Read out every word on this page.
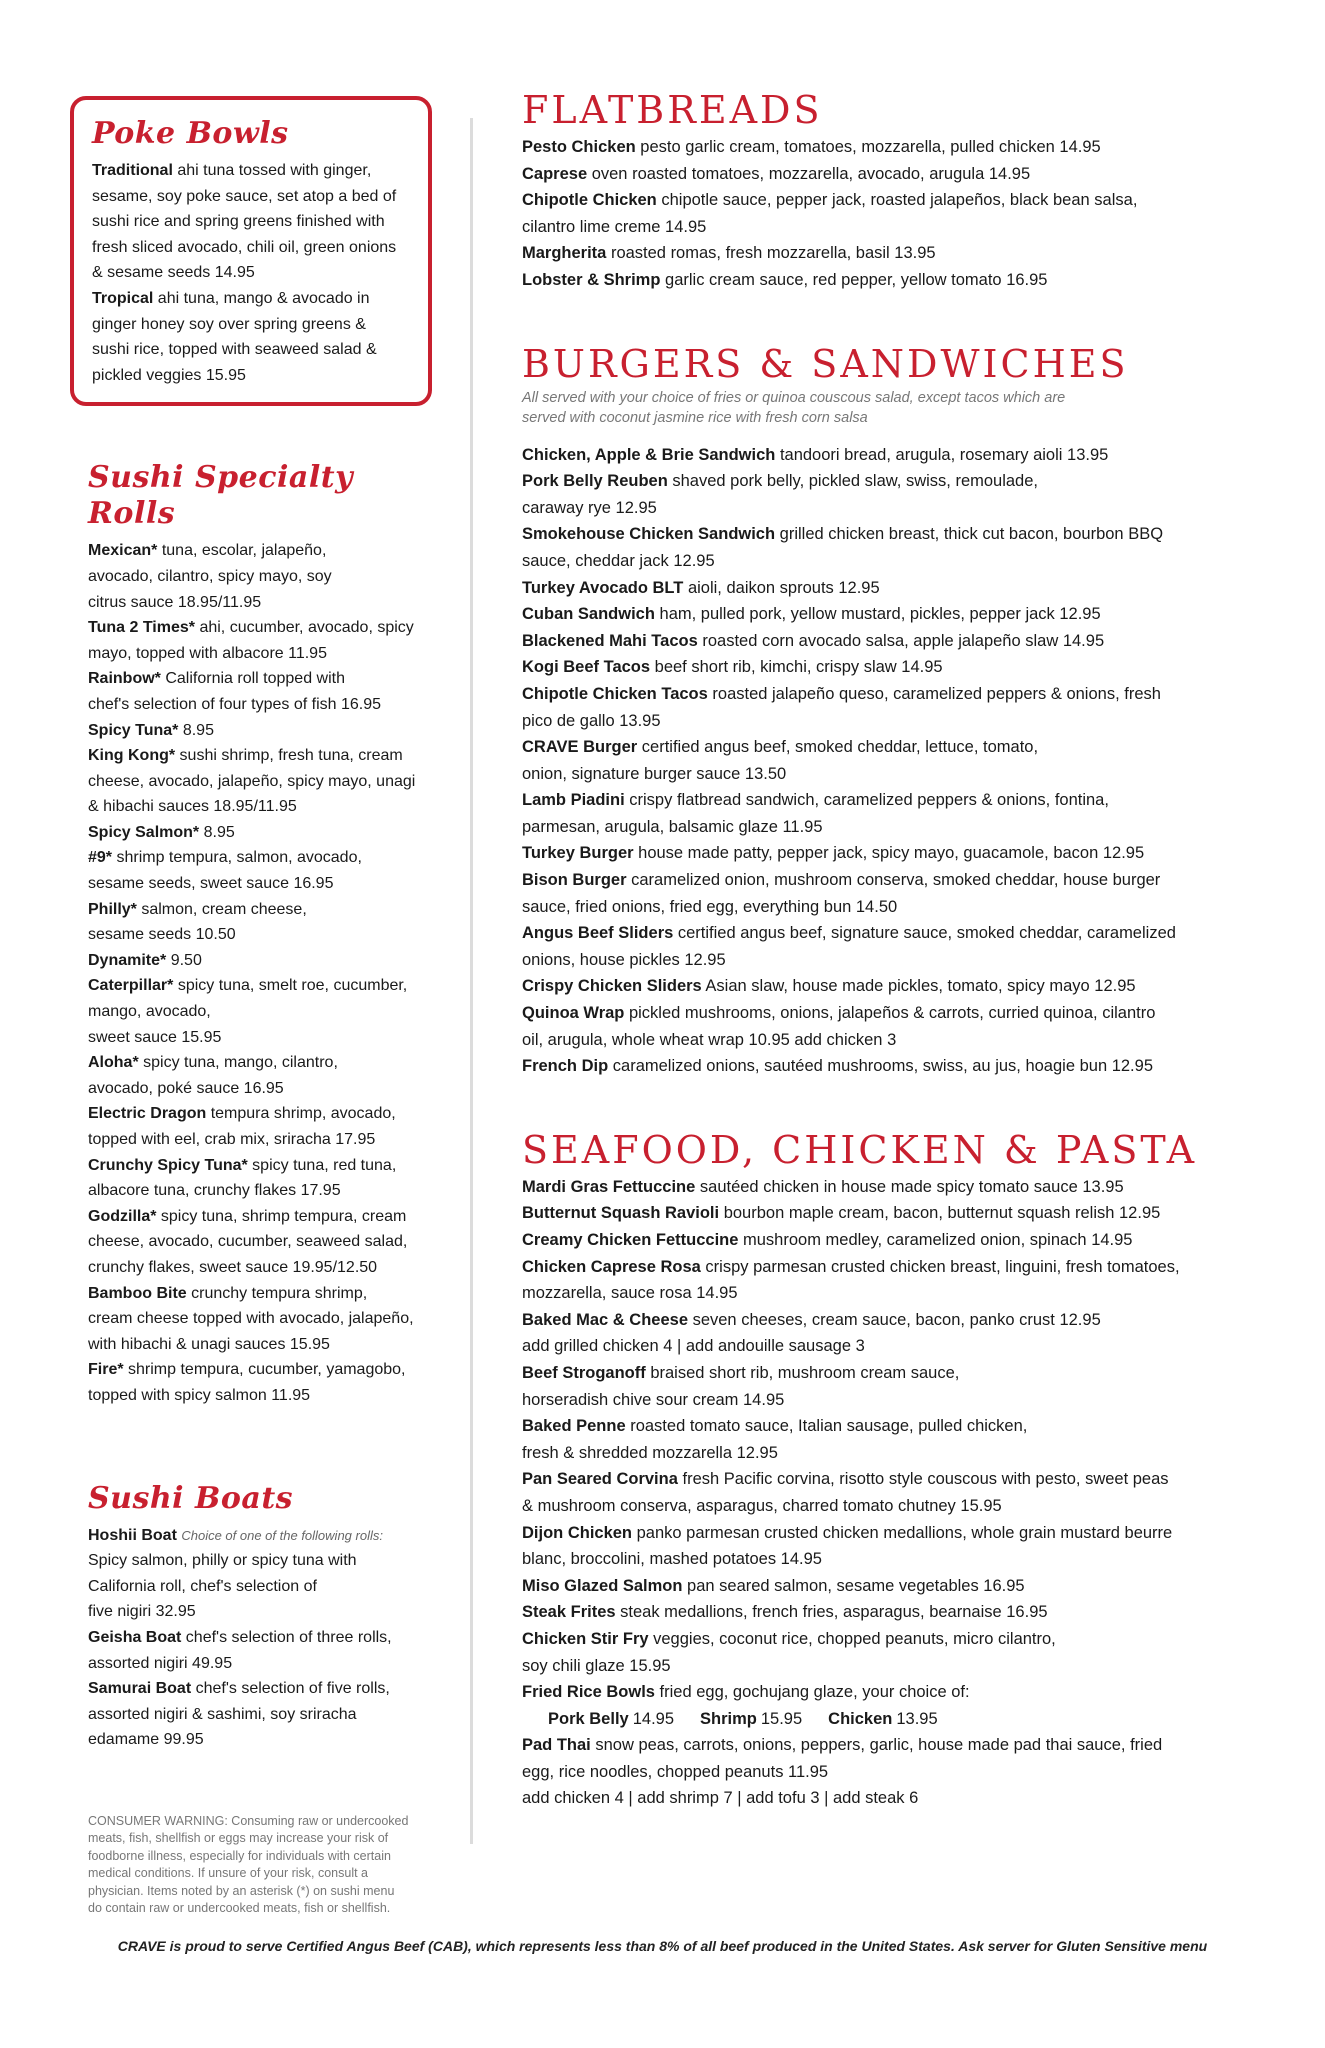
Poke Bowls

Traditional ahi tuna tossed with ginger,

sesame, soy poke sauce, set atop a bed of

sushi rice and spring greens finished with

fresh sliced avocado, chili oil, green onions

& sesame seeds 14.95

Tropical ahi tuna, mango & avocado in

ginger honey soy over spring greens &

sushi rice, topped with seaweed salad &

pickled veggies 15.95

Sushi Specialty Rolls

Mexican* tuna, escolar, jalapeño,

avocado, cilantro, spicy mayo, soy

citrus sauce 18.95/11.95

Tuna 2 Times* ahi, cucumber, avocado, spicy

mayo, topped with albacore 11.95

Rainbow* California roll topped with

chef's selection of four types of fish 16.95

Spicy Tuna* 8.95

King Kong* sushi shrimp, fresh tuna, cream

cheese, avocado, jalapeño, spicy mayo, unagi

& hibachi sauces 18.95/11.95

Spicy Salmon* 8.95

#9* shrimp tempura, salmon, avocado,

sesame seeds, sweet sauce 16.95

Philly* salmon, cream cheese,

sesame seeds 10.50

Dynamite* 9.50

Caterpillar* spicy tuna, smelt roe, cucumber,

mango, avocado,

sweet sauce 15.95

Aloha* spicy tuna, mango, cilantro,

avocado, poké sauce 16.95

Electric Dragon tempura shrimp, avocado,

topped with eel, crab mix, sriracha 17.95

Crunchy Spicy Tuna* spicy tuna, red tuna,

albacore tuna, crunchy flakes 17.95

Godzilla* spicy tuna, shrimp tempura, cream

cheese, avocado, cucumber, seaweed salad,

crunchy flakes, sweet sauce 19.95/12.50

Bamboo Bite crunchy tempura shrimp,

cream cheese topped with avocado, jalapeño,

with hibachi & unagi sauces 15.95

Fire* shrimp tempura, cucumber, yamagobo,

topped with spicy salmon 11.95

Sushi Boats

Hoshii Boat Choice of one of the following rolls:

Spicy salmon, philly or spicy tuna with

California roll, chef's selection of

five nigiri 32.95

Geisha Boat chef's selection of three rolls,

assorted nigiri 49.95

Samurai Boat chef's selection of five rolls,

assorted nigiri & sashimi, soy sriracha

edamame 99.95

CONSUMER WARNING: Consuming raw or undercooked
meats, fish, shellfish or eggs may increase your risk of
foodborne illness, especially for individuals with certain
medical conditions. If unsure of your risk, consult a
physician. Items noted by an asterisk (*) on sushi menu
do contain raw or undercooked meats, fish or shellfish.
FLATBREADS

Pesto Chicken pesto garlic cream, tomatoes, mozzarella, pulled chicken 14.95

Caprese oven roasted tomatoes, mozzarella, avocado, arugula 14.95

Chipotle Chicken chipotle sauce, pepper jack, roasted jalapeños, black bean salsa,

cilantro lime creme 14.95

Margherita roasted romas, fresh mozzarella, basil 13.95

Lobster & Shrimp garlic cream sauce, red pepper, yellow tomato 16.95

BURGERS & SANDWICHES
All served with your choice of fries or quinoa couscous salad, except tacos which are
served with coconut jasmine rice with fresh corn salsa

Chicken, Apple & Brie Sandwich tandoori bread, arugula, rosemary aioli 13.95

Pork Belly Reuben shaved pork belly, pickled slaw, swiss, remoulade,

caraway rye 12.95

Smokehouse Chicken Sandwich grilled chicken breast, thick cut bacon, bourbon BBQ

sauce, cheddar jack 12.95

Turkey Avocado BLT aioli, daikon sprouts 12.95

Cuban Sandwich ham, pulled pork, yellow mustard, pickles, pepper jack 12.95

Blackened Mahi Tacos roasted corn avocado salsa, apple jalapeño slaw 14.95

Kogi Beef Tacos beef short rib, kimchi, crispy slaw 14.95

Chipotle Chicken Tacos roasted jalapeño queso, caramelized peppers & onions, fresh

pico de gallo 13.95

CRAVE Burger certified angus beef, smoked cheddar, lettuce, tomato,

onion, signature burger sauce 13.50

Lamb Piadini crispy flatbread sandwich, caramelized peppers & onions, fontina,

parmesan, arugula, balsamic glaze 11.95

Turkey Burger house made patty, pepper jack, spicy mayo, guacamole, bacon 12.95

Bison Burger caramelized onion, mushroom conserva, smoked cheddar, house burger

sauce, fried onions, fried egg, everything bun 14.50

Angus Beef Sliders certified angus beef, signature sauce, smoked cheddar, caramelized

onions, house pickles 12.95

Crispy Chicken Sliders Asian slaw, house made pickles, tomato, spicy mayo 12.95

Quinoa Wrap pickled mushrooms, onions, jalapeños & carrots, curried quinoa, cilantro

oil, arugula, whole wheat wrap 10.95 add chicken 3

French Dip caramelized onions, sautéed mushrooms, swiss, au jus, hoagie bun 12.95

SEAFOOD, CHICKEN & PASTA

Mardi Gras Fettuccine sautéed chicken in house made spicy tomato sauce 13.95

Butternut Squash Ravioli bourbon maple cream, bacon, butternut squash relish 12.95

Creamy Chicken Fettuccine mushroom medley, caramelized onion, spinach 14.95

Chicken Caprese Rosa crispy parmesan crusted chicken breast, linguini, fresh tomatoes,

mozzarella, sauce rosa 14.95

Baked Mac & Cheese seven cheeses, cream sauce, bacon, panko crust 12.95

add grilled chicken 4 | add andouille sausage 3

Beef Stroganoff braised short rib, mushroom cream sauce,

horseradish chive sour cream 14.95

Baked Penne roasted tomato sauce, Italian sausage, pulled chicken,

fresh & shredded mozzarella 12.95

Pan Seared Corvina fresh Pacific corvina, risotto style couscous with pesto, sweet peas

& mushroom conserva, asparagus, charred tomato chutney 15.95

Dijon Chicken panko parmesan crusted chicken medallions, whole grain mustard beurre

blanc, broccolini, mashed potatoes 14.95

Miso Glazed Salmon pan seared salmon, sesame vegetables 16.95

Steak Frites steak medallions, french fries, asparagus, bearnaise 16.95

Chicken Stir Fry veggies, coconut rice, chopped peanuts, micro cilantro,

soy chili glaze 15.95

Fried Rice Bowls fried egg, gochujang glaze, your choice of:

Pork Belly 14.95 Shrimp 15.95 Chicken 13.95

Pad Thai snow peas, carrots, onions, peppers, garlic, house made pad thai sauce, fried

egg, rice noodles, chopped peanuts 11.95

add chicken 4 | add shrimp 7 | add tofu 3 | add steak 6

CRAVE is proud to serve Certified Angus Beef (CAB), which represents less than 8% of all beef produced in the United States. Ask server for Gluten Sensitive menu
